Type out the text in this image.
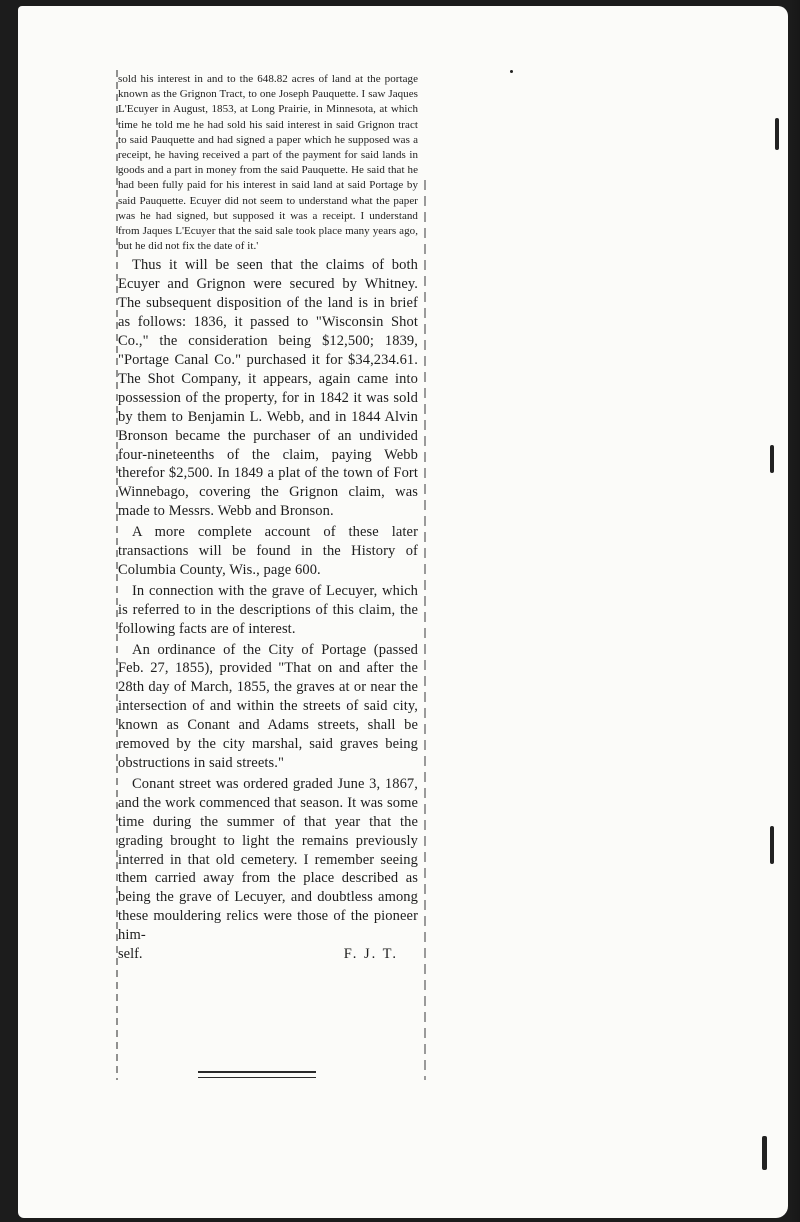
sold his interest in and to the 648.82 acres of land at the portage known as the Grignon Tract, to one Joseph Pauquette. I saw Jaques L'Ecuyer in August, 1853, at Long Prairie, in Minnesota, at which time he told me he had sold his said interest in said Grignon tract to said Pauquette and had signed a paper which he supposed was a receipt, he having received a part of the payment for said lands in goods and a part in money from the said Pauquette. He said that he had been fully paid for his interest in said land at said Portage by said Pauquette. Ecuyer did not seem to understand what the paper was he had signed, but supposed it was a receipt. I understand from Jaques L'Ecuyer that the said sale took place many years ago, but he did not fix the date of it.'

Thus it will be seen that the claims of both Ecuyer and Grignon were secured by Whitney. The subsequent disposition of the land is in brief as follows: 1836, it passed to "Wisconsin Shot Co.," the consideration being $12,500; 1839, "Portage Canal Co." purchased it for $34,234.61. The Shot Company, it appears, again came into possession of the property, for in 1842 it was sold by them to Benjamin L. Webb, and in 1844 Alvin Bronson became the purchaser of an undivided four-nineteenths of the claim, paying Webb therefor $2,500. In 1849 a plat of the town of Fort Winnebago, covering the Grignon claim, was made to Messrs. Webb and Bronson.

A more complete account of these later transactions will be found in the History of Columbia County, Wis., page 600.

In connection with the grave of Lecuyer, which is referred to in the descriptions of this claim, the following facts are of interest.

An ordinance of the City of Portage (passed Feb. 27, 1855), provided "That on and after the 28th day of March, 1855, the graves at or near the intersection of and within the streets of said city, known as Conant and Adams streets, shall be removed by the city marshal, said graves being obstructions in said streets."

Conant street was ordered graded June 3, 1867, and the work commenced that season. It was some time during the summer of that year that the grading brought to light the remains previously interred in that old cemetery. I remember seeing them carried away from the place described as being the grave of Lecuyer, and doubtless among these mouldering relics were those of the pioneer him-

self.	F. J. T.
